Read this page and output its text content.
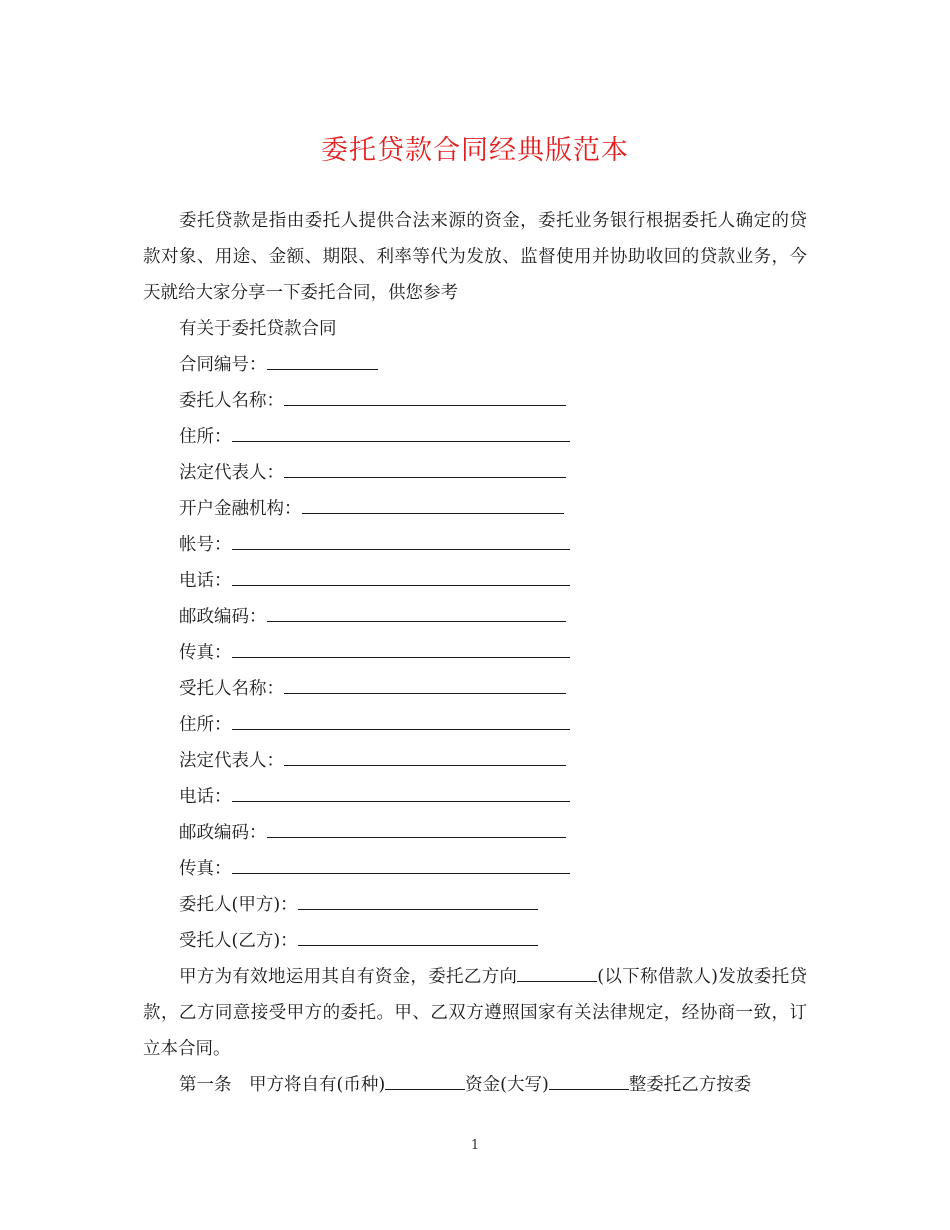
委托贷款合同经典版范本

委托贷款是指由委托人提供合法来源的资金，委托业务银行根据委托人确定的贷款对象、用途、金额、期限、利率等代为发放、监督使用并协助收回的贷款业务，今天就给大家分享一下委托合同，供您参考

有关于委托贷款合同

合同编号：

委托人名称：

住所：

法定代表人：

开户金融机构：

帐号：

电话：

邮政编码：

传真：

受托人名称：

住所：

法定代表人：

电话：

邮政编码：

传真：

委托人(甲方)：

受托人(乙方)：

甲方为有效地运用其自有资金，委托乙方向	(以下称借款人)发放委托贷款，乙方同意接受甲方的委托。甲、乙双方遵照国家有关法律规定，经协商一致，订立本合同。

第一条　甲方将自有(币种)	资金(大写)	整委托乙方按委

1
